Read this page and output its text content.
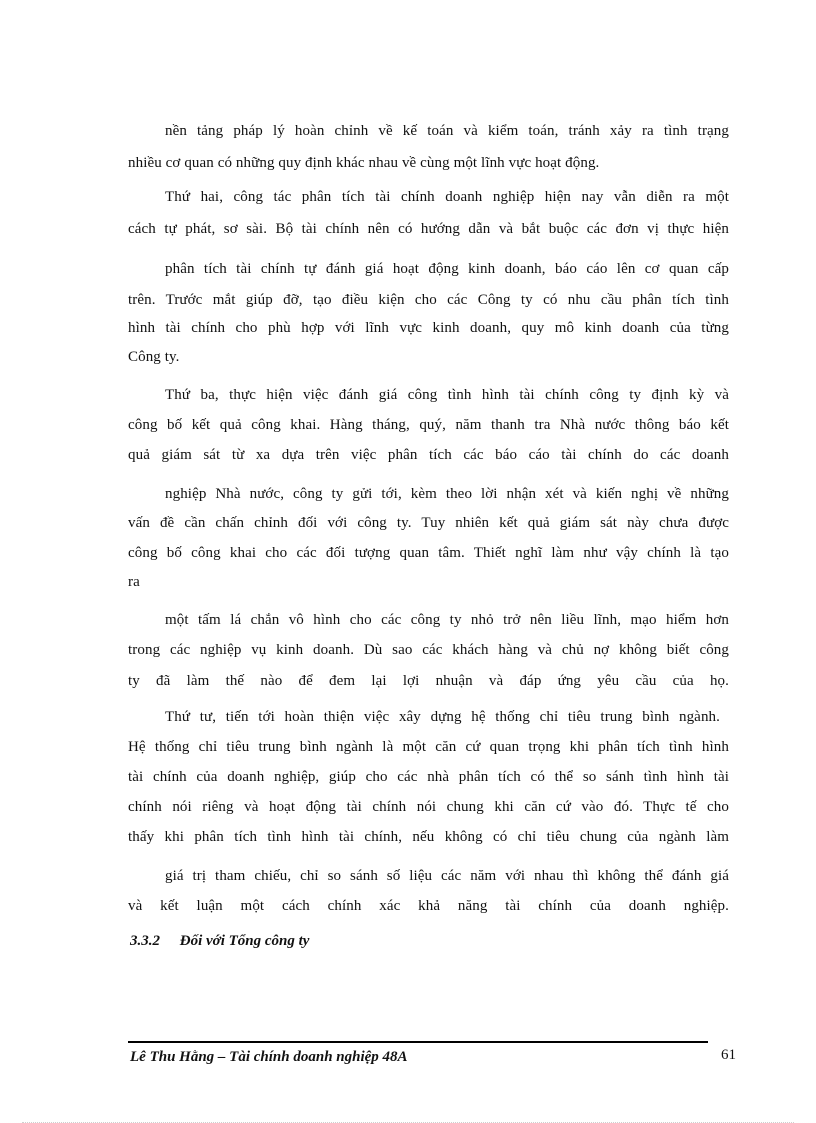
nền tảng pháp lý hoàn chỉnh về kế toán và kiểm toán, tránh xảy ra tình trạng
nhiều cơ quan có những quy định khác nhau về cùng một lĩnh vực hoạt động.
Thứ hai, công tác phân tích tài chính doanh nghiệp hiện nay vẫn diễn ra một
cách tự phát, sơ sài. Bộ tài chính nên có hướng dẫn và bắt buộc các đơn vị thực hiện
phân tích tài chính tự đánh giá hoạt động kinh doanh, báo cáo lên cơ quan cấp
trên. Trước mắt giúp đỡ, tạo điều kiện cho các Công ty có nhu cầu phân tích tình
hình tài chính cho phù hợp với lĩnh vực kinh doanh, quy mô kinh doanh của từng
Công ty.
Thứ ba, thực hiện việc đánh giá công tình hình tài chính công ty định kỳ và
công bố kết quả công khai. Hàng tháng, quý, năm thanh tra Nhà nước thông báo kết
quả giám sát từ xa dựa trên việc phân tích các báo cáo tài chính do các doanh
nghiệp Nhà nước, công ty gửi tới, kèm theo lời nhận xét và kiến nghị về những
vấn đề cần chấn chỉnh đối với công ty. Tuy nhiên kết quả giám sát này chưa được
công bố công khai cho các đối tượng quan tâm. Thiết nghĩ làm như vậy chính là tạo
ra
một tấm lá chắn vô hình cho các công ty nhỏ trở nên liều lĩnh, mạo hiểm hơn
trong các nghiệp vụ kinh doanh. Dù sao các khách hàng và chủ nợ không biết công
ty đã làm thế nào để đem lại lợi nhuận và đáp ứng yêu cầu của họ.
Thứ tư, tiến tới hoàn thiện việc xây dựng hệ thống chỉ tiêu trung bình ngành.
Hệ thống chỉ tiêu trung bình ngành là một căn cứ quan trọng khi phân tích tình hình
tài chính của doanh nghiệp, giúp cho các nhà phân tích có thể so sánh tình hình tài
chính nói riêng và hoạt động tài chính nói chung khi căn cứ vào đó. Thực tế cho
thấy khi phân tích tình hình tài chính, nếu không có chỉ tiêu chung của ngành làm
giá trị tham chiếu, chỉ so sánh số liệu các năm với nhau thì không thể đánh giá
và kết luận một cách chính xác khả năng tài chính của doanh nghiệp.
3.3.2 Đối với Tổng công ty
Lê Thu Hằng – Tài chính doanh nghiệp 48A	61
